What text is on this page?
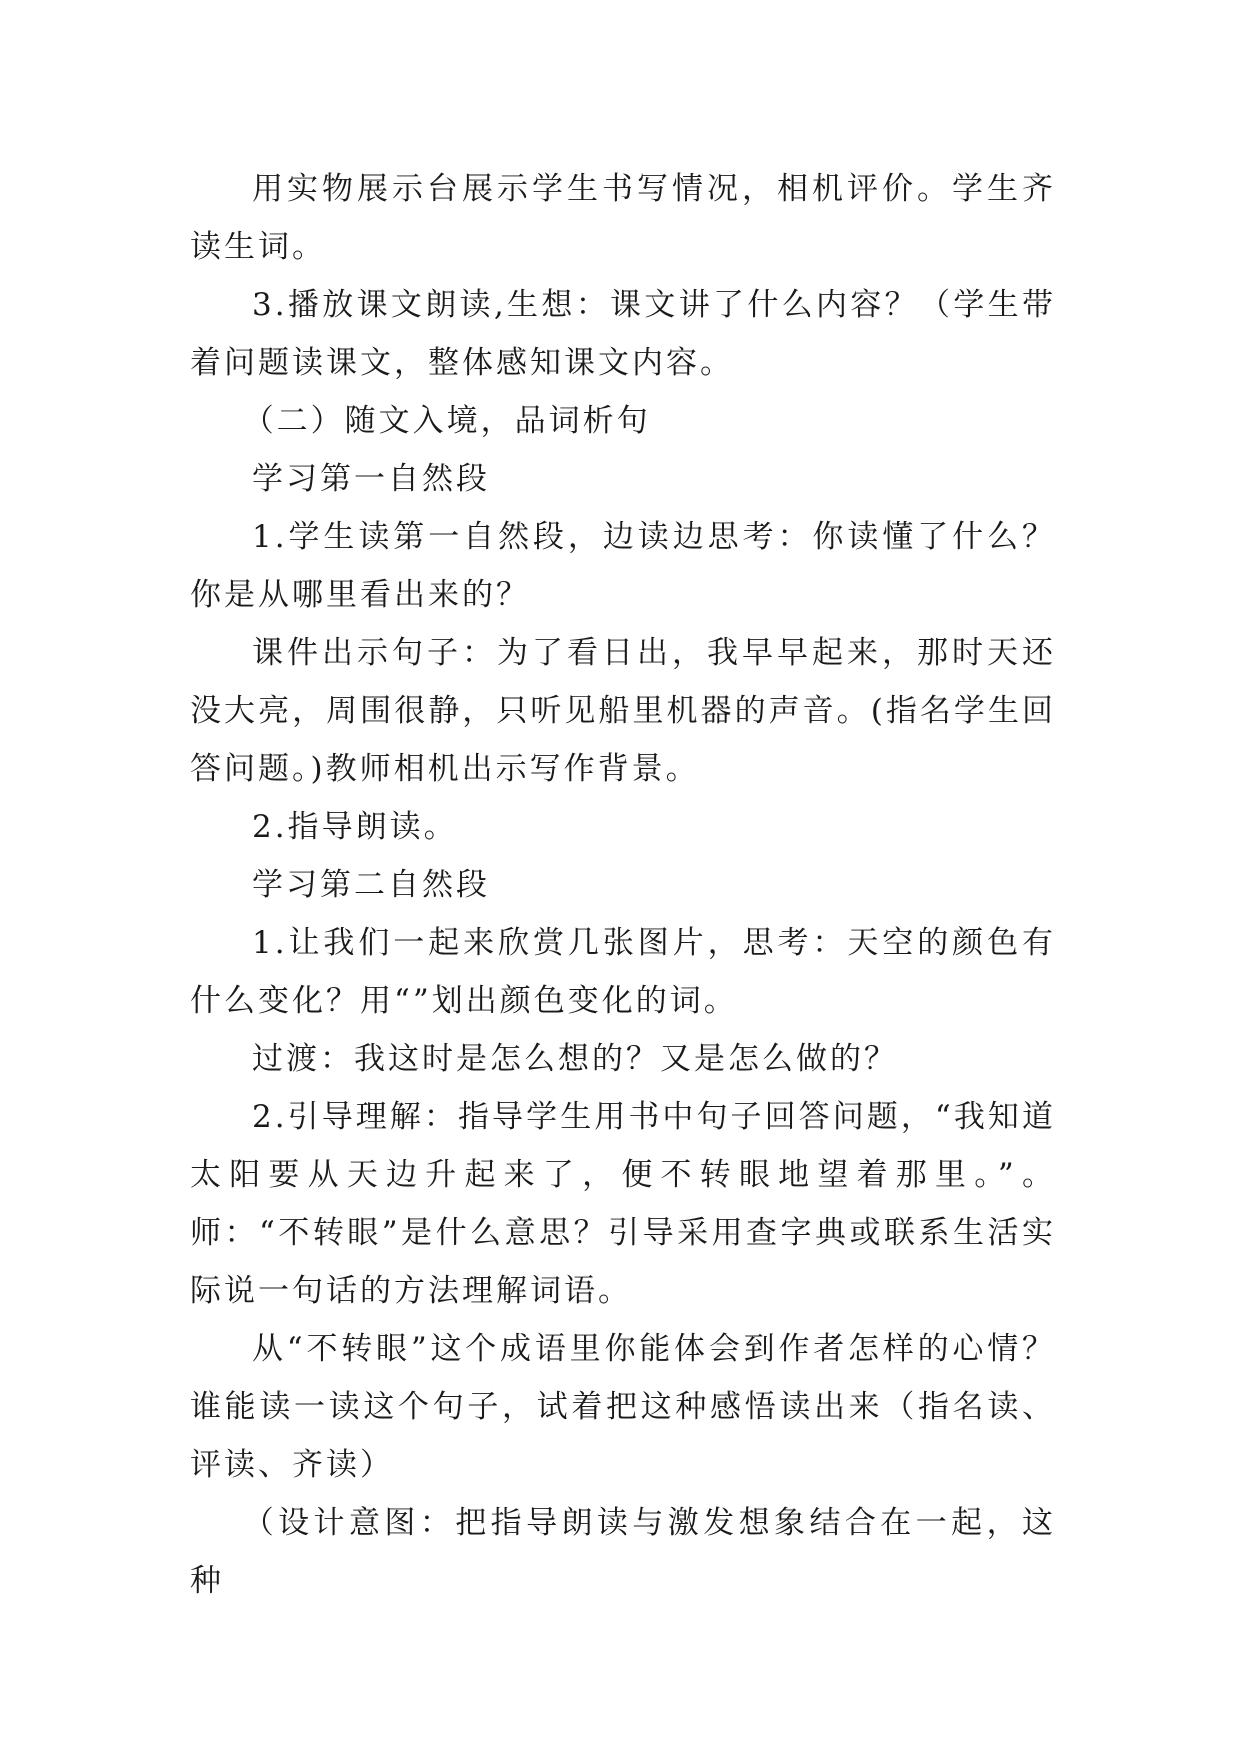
用实物展示台展示学生书写情况，相机评价。学生齐读生词。

3.播放课文朗读,生想：课文讲了什么内容？（学生带着问题读课文，整体感知课文内容。

（二）随文入境，品词析句

学习第一自然段

1.学生读第一自然段，边读边思考：你读懂了什么？你是从哪里看出来的？

课件出示句子：为了看日出，我早早起来，那时天还没大亮，周围很静，只听见船里机器的声音。(指名学生回答问题。)教师相机出示写作背景。

2.指导朗读。

学习第二自然段

1.让我们一起来欣赏几张图片，思考：天空的颜色有什么变化？用“”划出颜色变化的词。

过渡：我这时是怎么想的？又是怎么做的？

2.引导理解：指导学生用书中句子回答问题，“我知道太阳要从天边升起来了，便不转眼地望着那里。”。师：“不转眼”是什么意思？引导采用查字典或联系生活实际说一句话的方法理解词语。

从“不转眼”这个成语里你能体会到作者怎样的心情？谁能读一读这个句子，试着把这种感悟读出来（指名读、评读、齐读）

（设计意图：把指导朗读与激发想象结合在一起，这种
